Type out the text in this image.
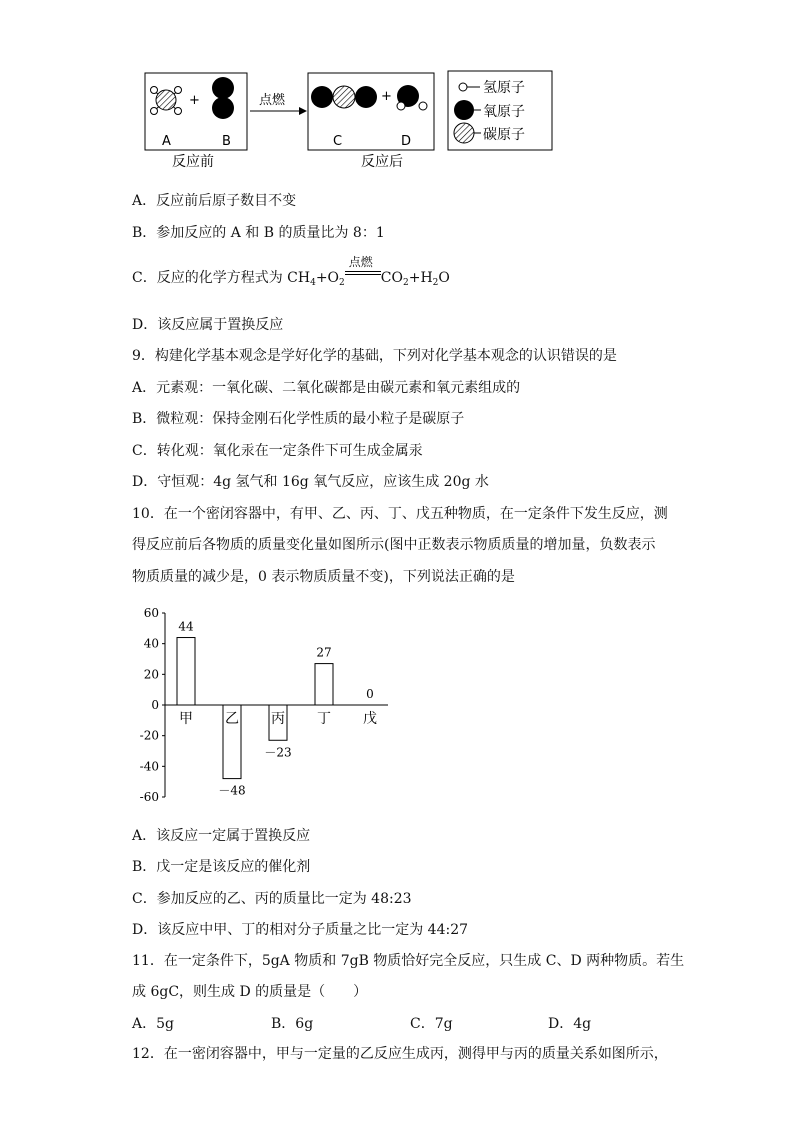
+
A	B
反应前
点燃	+
C	D
反应后
氢原子
氧原子
碳原子
A．反应前后原子数目不变
B．参加反应的 A 和 B 的质量比为 8：1
C．反应的化学方程式为 $CH_4+O_2$
点燃
$CO_2+H_2O$
D．该反应属于置换反应
9．构建化学基本观念是学好化学的基础，下列对化学基本观念的认识错误的是
A．元素观：一氧化碳、二氧化碳都是由碳元素和氧元素组成的
B．微粒观：保持金刚石化学性质的最小粒子是碳原子
C．转化观：氧化汞在一定条件下可生成金属汞
D．守恒观：4g 氢气和 16g 氧气反应，应该生成 20g 水
10．在一个密闭容器中，有甲、乙、丙、丁、戊五种物质，在一定条件下发生反应，测
得反应前后各物质的质量变化量如图所示(图中正数表示物质质量的增加量，负数表示
物质质量的减少是，0 表示物质质量不变)，下列说法正确的是
60
40
20
0
-20
-40
-60
甲
44
乙
－48
丙
－23
丁
27
戊
0
A．该反应一定属于置换反应
B．戊一定是该反应的催化剂
C．参加反应的乙、丙的质量比一定为 48:23
D．该反应中甲、丁的相对分子质量之比一定为 44:27
11．在一定条件下，5gA 物质和 7gB 物质恰好完全反应，只生成 C、D 两种物质。若生
成 6gC，则生成 D 的质量是（　　）
A．5g	B．6g	C．7g	D．4g
12．在一密闭容器中，甲与一定量的乙反应生成丙，测得甲与丙的质量关系如图所示，
